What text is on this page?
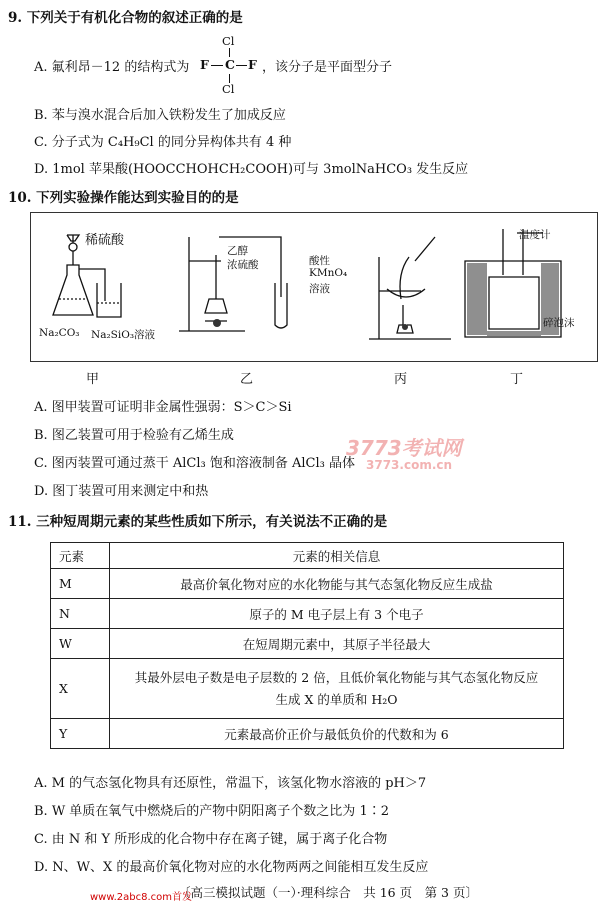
9. 下列关于有机化合物的叙述正确的是
A. 氟利昂－12 的结构式为
Cl
F C F
Cl
，该分子是平面型分子
B. 苯与溴水混合后加入铁粉发生了加成反应
C. 分子式为 C₄H₉Cl 的同分异构体共有 4 种
D. 1mol 苹果酸(HOOCCHOHCH₂COOH)可与 3molNaHCO₃ 发生反应
10. 下列实验操作能达到实验目的的是
稀硫酸
Na₂CO₃ Na₂SiO₃溶液
乙醇
浓硫酸	酸性
KMnO₄
溶液
温度计
碎泡沫
甲	乙	丙	丁
A. 图甲装置可证明非金属性强弱：S＞C＞Si
B. 图乙装置可用于检验有乙烯生成
C. 图丙装置可通过蒸干 AlCl₃ 饱和溶液制备 AlCl₃ 晶体
D. 图丁装置可用来测定中和热
3773考试网
3773.com.cn
11. 三种短周期元素的某些性质如下所示，有关说法不正确的是
元素	元素的相关信息
M	最高价氧化物对应的水化物能与其气态氢化物反应生成盐
N	原子的 M 电子层上有 3 个电子
W	在短周期元素中，其原子半径最大
X	其最外层电子数是电子层数的 2 倍，且低价氧化物能与其气态氢化物反应生成 X 的单质和 H₂O
Y	元素最高价正价与最低负价的代数和为 6
A. M 的气态氢化物具有还原性，常温下，该氢化物水溶液的 pH＞7
B. W 单质在氧气中燃烧后的产物中阴阳离子个数之比为 1∶2
C. 由 N 和 Y 所形成的化合物中存在离子键，属于离子化合物
D. N、W、X 的最高价氧化物对应的水化物两两之间能相互发生反应
www.2abc8.com首发
〔高三模拟试题（一）·理科综合　共 16 页　第 3 页〕
